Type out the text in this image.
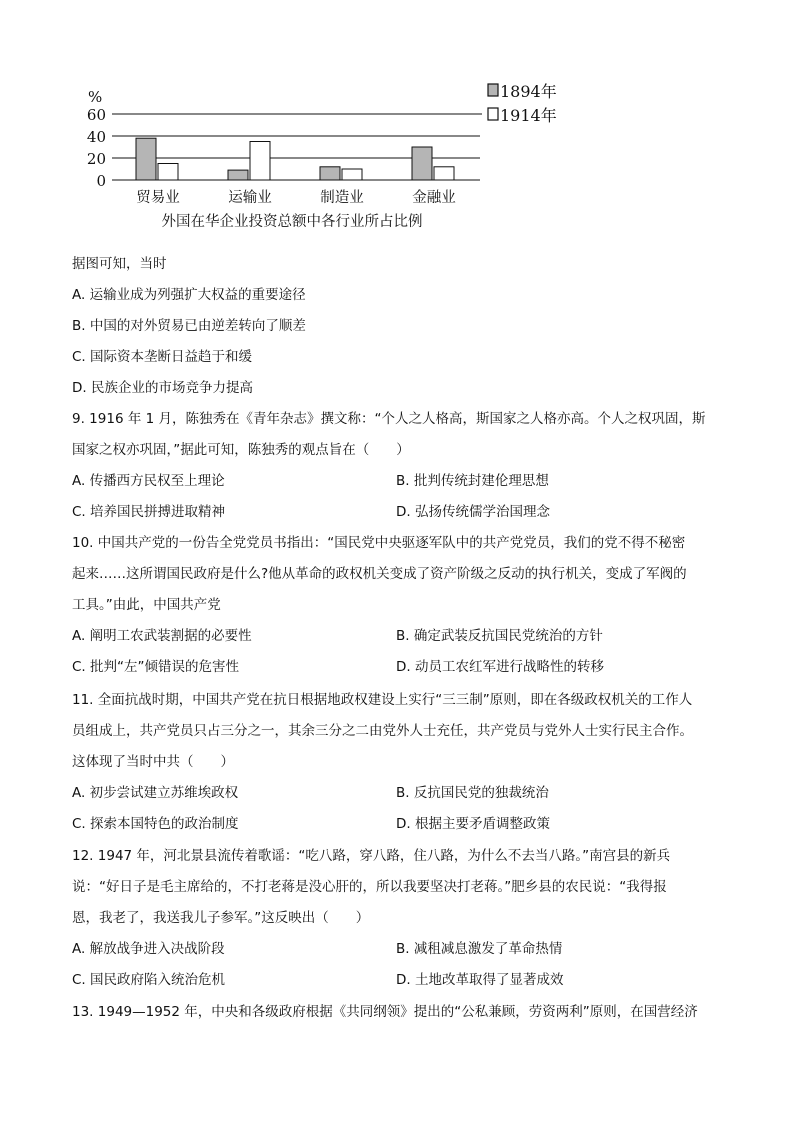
%
0
20
40
60
贸易业	运输业	制造业	金融业
外国在华企业投资总额中各行业所占比例
1894年
1914年
据图可知，当时
A. 运输业成为列强扩大权益的重要途径
B. 中国的对外贸易已由逆差转向了顺差
C. 国际资本垄断日益趋于和缓
D. 民族企业的市场竞争力提高
9. 1916 年 1 月，陈独秀在《青年杂志》撰文称：“个人之人格高，斯国家之人格亦高。个人之权巩固，斯
国家之权亦巩固，”据此可知，陈独秀的观点旨在（　　）
A. 传播西方民权至上理论	B. 批判传统封建伦理思想
C. 培养国民拼搏进取精神	D. 弘扬传统儒学治国理念
10. 中国共产党的一份告全党党员书指出：“国民党中央驱逐军队中的共产党党员，我们的党不得不秘密
起来……这所谓国民政府是什么?他从革命的政权机关变成了资产阶级之反动的执行机关，变成了军阀的
工具。”由此，中国共产党
A. 阐明工农武装割据的必要性	B. 确定武装反抗国民党统治的方针
C. 批判“左”倾错误的危害性	D. 动员工农红军进行战略性的转移
11. 全面抗战时期，中国共产党在抗日根据地政权建设上实行“三三制”原则，即在各级政权机关的工作人
员组成上，共产党员只占三分之一，其余三分之二由党外人士充任，共产党员与党外人士实行民主合作。
这体现了当时中共（　　）
A. 初步尝试建立苏维埃政权	B. 反抗国民党的独裁统治
C. 探索本国特色的政治制度	D. 根据主要矛盾调整政策
12. 1947 年，河北景县流传着歌谣：“吃八路，穿八路，住八路，为什么不去当八路。”南宫县的新兵
说：“好日子是毛主席给的，不打老蒋是没心肝的，所以我要坚决打老蒋。”肥乡县的农民说：“我得报
恩，我老了，我送我儿子参军。”这反映出（　　）
A. 解放战争进入决战阶段	B. 减租减息激发了革命热情
C. 国民政府陷入统治危机	D. 土地改革取得了显著成效
13. 1949—1952 年，中央和各级政府根据《共同纲领》提出的“公私兼顾，劳资两利”原则，在国营经济
